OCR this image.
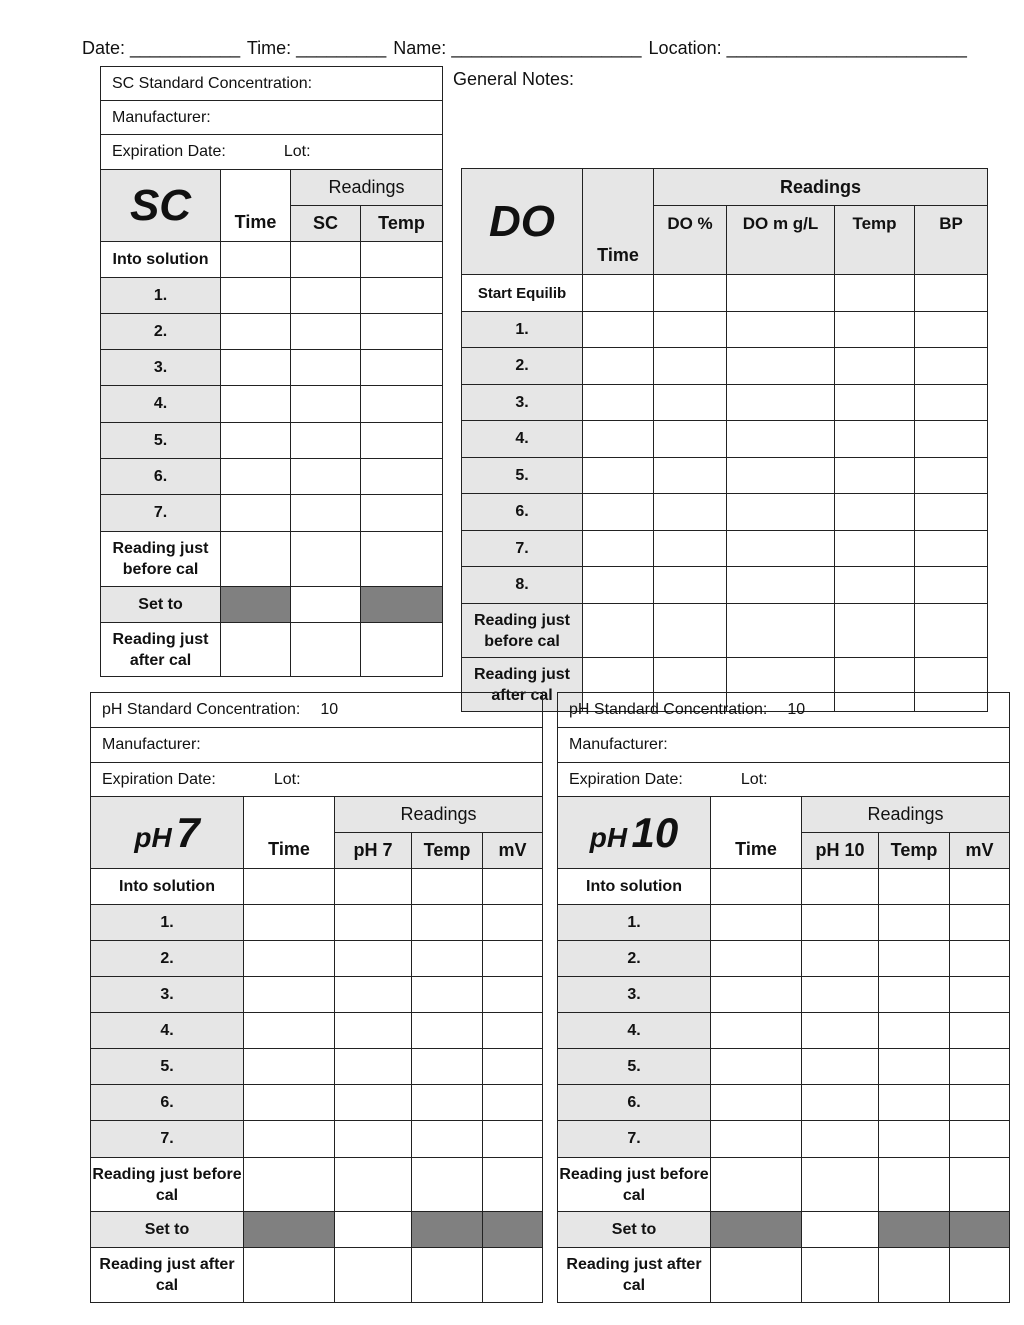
Date: ___________ Time: _________ Name: ___________________ Location: ________________________
General Notes:
SC Standard Concentration:			
Manufacturer:			
Expiration Date: Lot:			
SC	Time	Readings	
		SC	Temp
Into solution			
1.			
2.			
3.			
4.			
5.			
6.			
7.			
Reading just before cal			
Set to			
Reading just after cal			
DO	Time	Readings			
		DO %	DO m g/L	Temp	BP
Start Equilib					
1.					
2.					
3.					
4.					
5.					
6.					
7.					
8.					
Reading just before cal					
Reading just after cal					
pH Standard Concentration: 10				
Manufacturer:				
Expiration Date: Lot:				
pH 7	Time	Readings		
		pH 7	Temp	mV
Into solution				
1.				
2.				
3.				
4.				
5.				
6.				
7.				
Reading just before cal				
Set to				
Reading just after cal				
pH Standard Concentration: 10				
Manufacturer:				
Expiration Date: Lot:				
pH 10	Time	Readings		
		pH 10	Temp	mV
Into solution				
1.				
2.				
3.				
4.				
5.				
6.				
7.				
Reading just before cal				
Set to				
Reading just after cal				
